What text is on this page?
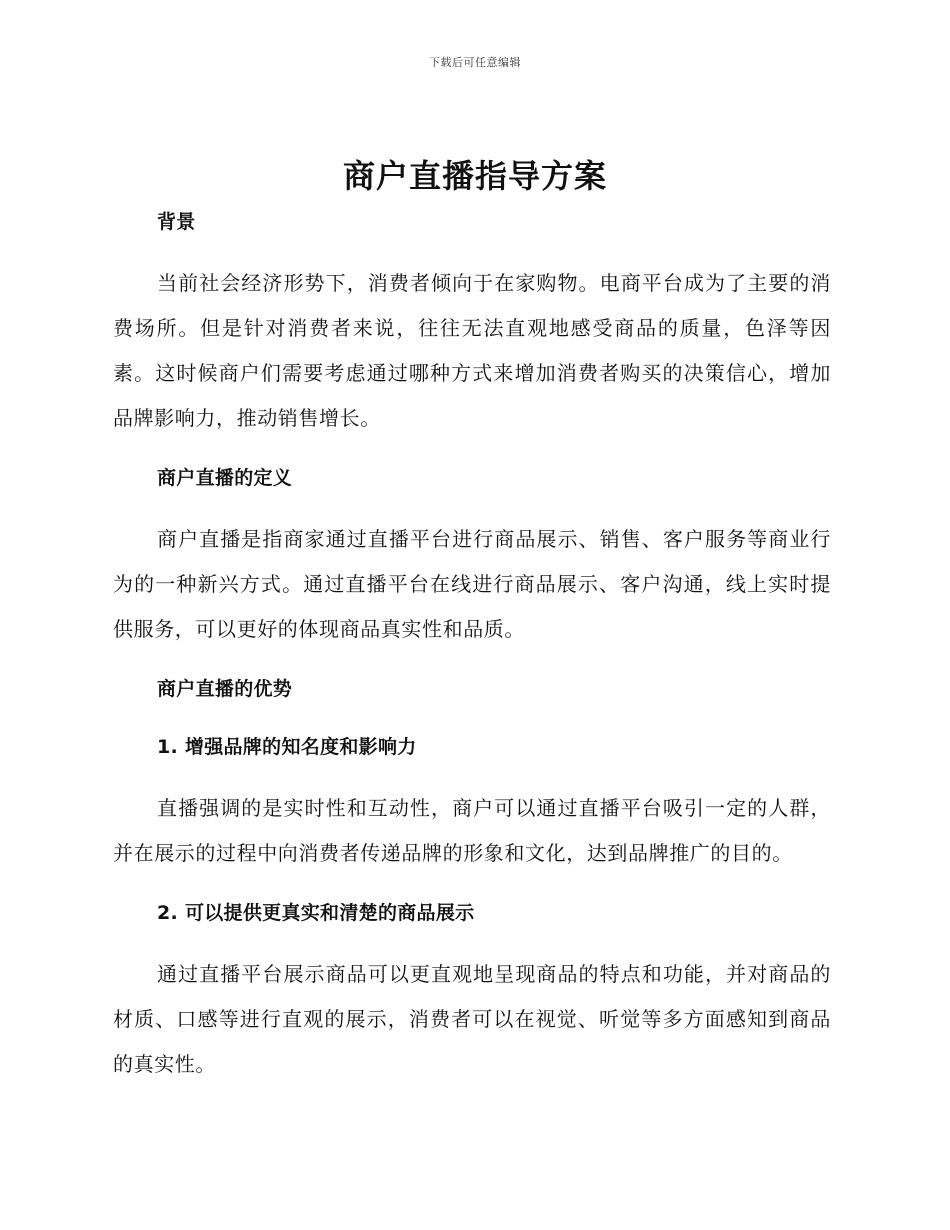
下载后可任意编辑
商户直播指导方案
背景

当前社会经济形势下，消费者倾向于在家购物。电商平台成为了主要的消费场所。但是针对消费者来说，往往无法直观地感受商品的质量，色泽等因素。这时候商户们需要考虑通过哪种方式来增加消费者购买的决策信心，增加品牌影响力，推动销售增长。

商户直播的定义

商户直播是指商家通过直播平台进行商品展示、销售、客户服务等商业行为的一种新兴方式。通过直播平台在线进行商品展示、客户沟通，线上实时提供服务，可以更好的体现商品真实性和品质。

商户直播的优势
1. 增强品牌的知名度和影响力

直播强调的是实时性和互动性，商户可以通过直播平台吸引一定的人群，并在展示的过程中向消费者传递品牌的形象和文化，达到品牌推广的目的。

2. 可以提供更真实和清楚的商品展示

通过直播平台展示商品可以更直观地呈现商品的特点和功能，并对商品的材质、口感等进行直观的展示，消费者可以在视觉、听觉等多方面感知到商品的真实性。
